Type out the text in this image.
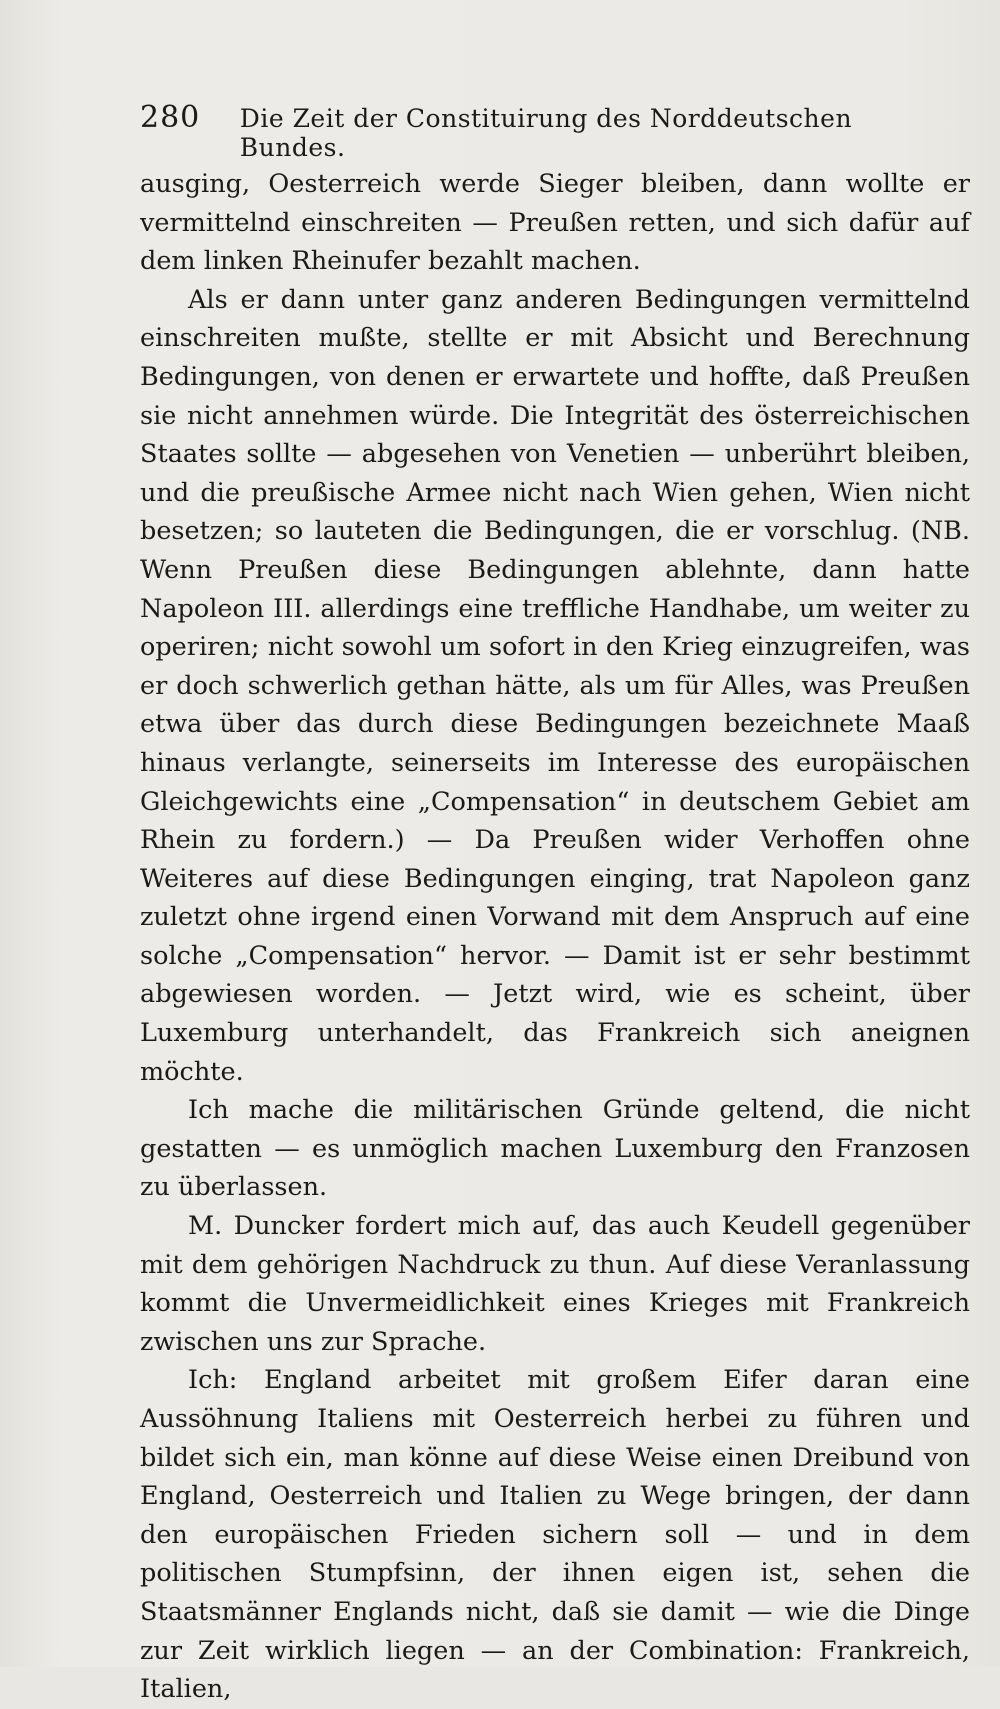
280	Die Zeit der Constituirung des Norddeutschen Bundes.

ausging, Oesterreich werde Sieger bleiben, dann wollte er vermittelnd einschreiten — Preußen retten, und sich dafür auf dem linken Rheinufer bezahlt machen.

Als er dann unter ganz anderen Bedingungen vermittelnd einschreiten mußte, stellte er mit Absicht und Berechnung Bedingungen, von denen er erwartete und hoffte, daß Preußen sie nicht annehmen würde. Die Integrität des österreichischen Staates sollte — abgesehen von Venetien — unberührt bleiben, und die preußische Armee nicht nach Wien gehen, Wien nicht besetzen; so lauteten die Bedingungen, die er vorschlug. (NB. Wenn Preußen diese Bedingungen ablehnte, dann hatte Napoleon III. allerdings eine treffliche Handhabe, um weiter zu operiren; nicht sowohl um sofort in den Krieg einzugreifen, was er doch schwerlich gethan hätte, als um für Alles, was Preußen etwa über das durch diese Bedingungen bezeichnete Maaß hinaus verlangte, seinerseits im Interesse des europäischen Gleichgewichts eine „Compensation“ in deutschem Gebiet am Rhein zu fordern.) — Da Preußen wider Verhoffen ohne Weiteres auf diese Bedingungen einging, trat Napoleon ganz zuletzt ohne irgend einen Vorwand mit dem Anspruch auf eine solche „Compensation“ hervor. — Damit ist er sehr bestimmt abgewiesen worden. — Jetzt wird, wie es scheint, über Luxemburg unterhandelt, das Frankreich sich aneignen möchte.

Ich mache die militärischen Gründe geltend, die nicht gestatten — es unmöglich machen Luxemburg den Franzosen zu überlassen.

M. Duncker fordert mich auf, das auch Keudell gegenüber mit dem gehörigen Nachdruck zu thun. Auf diese Veranlassung kommt die Unvermeidlichkeit eines Krieges mit Frankreich zwischen uns zur Sprache.

Ich: England arbeitet mit großem Eifer daran eine Aussöhnung Italiens mit Oesterreich herbei zu führen und bildet sich ein, man könne auf diese Weise einen Dreibund von England, Oesterreich und Italien zu Wege bringen, der dann den europäischen Frieden sichern soll — und in dem politischen Stumpfsinn, der ihnen eigen ist, sehen die Staatsmänner Englands nicht, daß sie damit — wie die Dinge zur Zeit wirklich liegen — an der Combination: Frankreich, Italien,
